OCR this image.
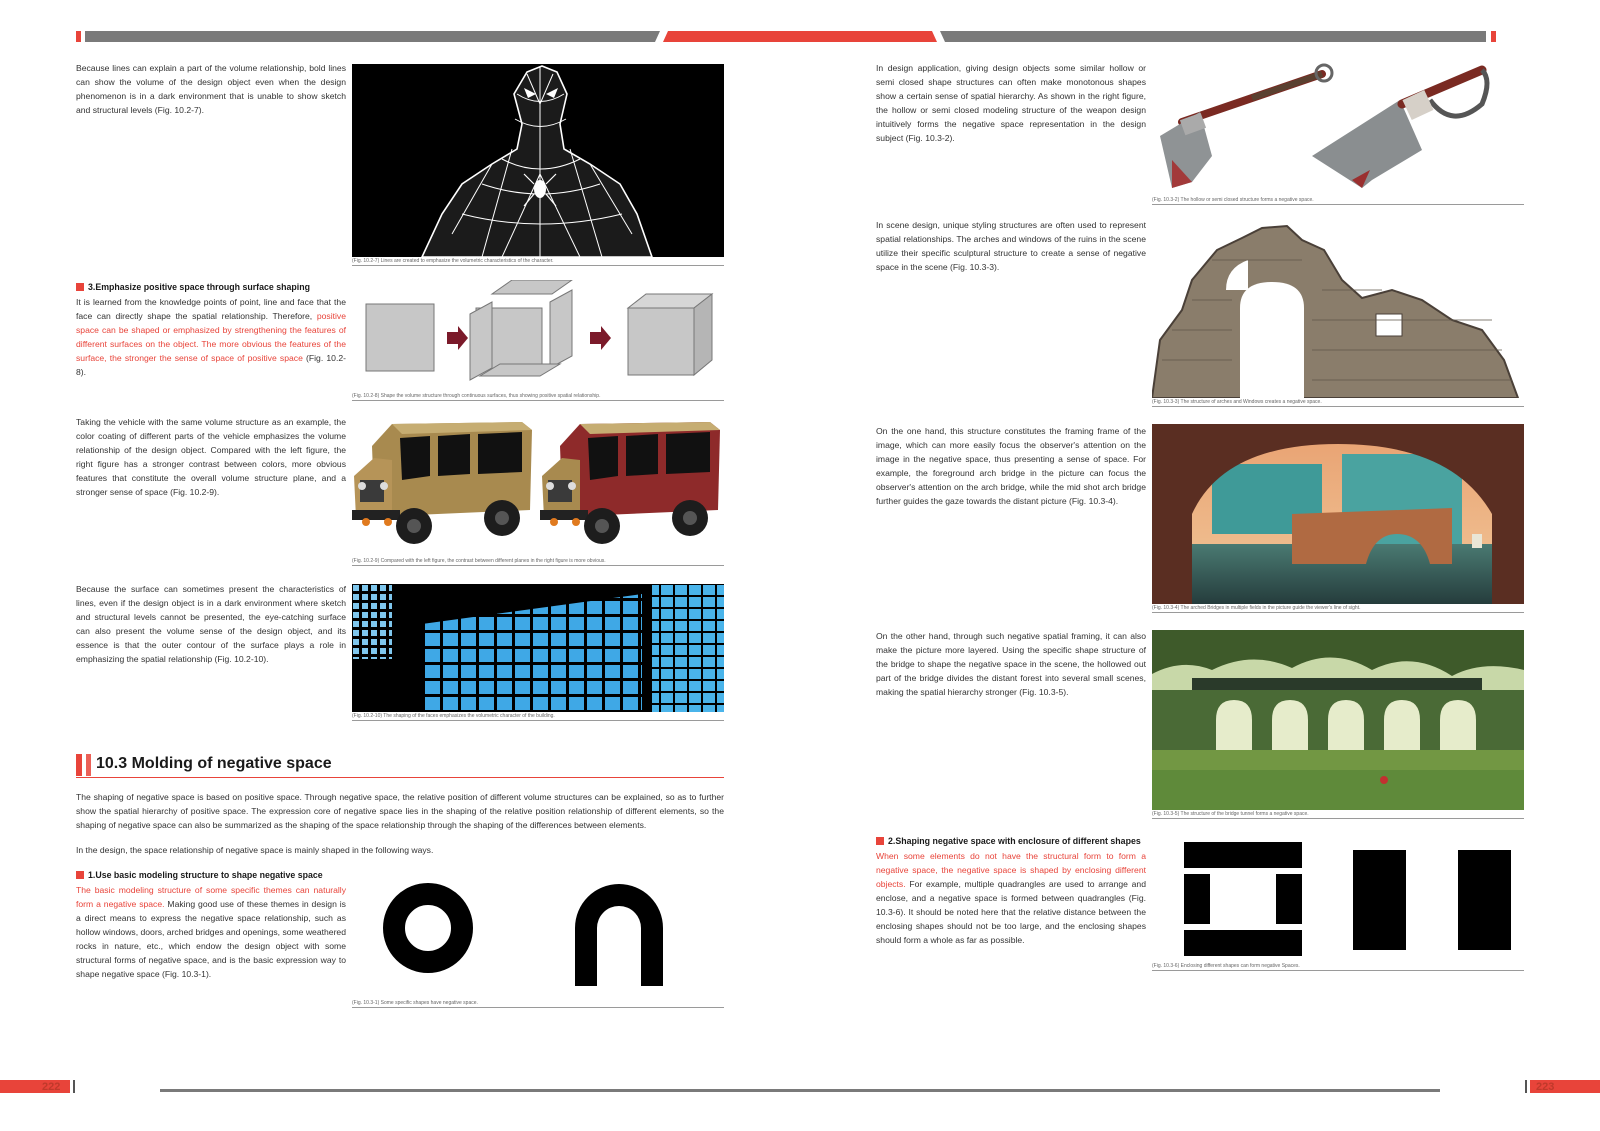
Because lines can explain a part of the volume relationship, bold lines can show the volume of the design object even when the design phenomenon is in a dark environment that is unable to show sketch and structural levels (Fig. 10.2-7).
(Fig. 10.2-7) Lines are created to emphasize the volumetric characteristics of the character.
3.Emphasize positive space through surface shaping
It is learned from the knowledge points of point, line and face that the face can directly shape the spatial relationship. Therefore, positive space can be shaped or emphasized by strengthening the features of different surfaces on the object. The more obvious the features of the surface, the stronger the sense of space of positive space (Fig. 10.2-8).
(Fig. 10.2-8) Shape the volume structure through continuous surfaces, thus showing positive spatial relationship.
Taking the vehicle with the same volume structure as an example, the color coating of different parts of the vehicle emphasizes the volume relationship of the design object. Compared with the left figure, the right figure has a stronger contrast between colors, more obvious features that constitute the overall volume structure plane, and a stronger sense of space (Fig. 10.2-9).
(Fig. 10.2-9) Compared with the left figure, the contrast between different planes in the right figure is more obvious.
Because the surface can sometimes present the characteristics of lines, even if the design object is in a dark environment where sketch and structural levels cannot be presented, the eye-catching surface can also present the volume sense of the design object, and its essence is that the outer contour of the surface plays a role in emphasizing the spatial relationship (Fig. 10.2-10).
(Fig. 10.2-10) The shaping of the faces emphasizes the volumetric character of the building.
10.3 Molding of negative space
The shaping of negative space is based on positive space. Through negative space, the relative position of different volume structures can be explained, so as to further show the spatial hierarchy of positive space. The expression core of negative space lies in the shaping of the relative position relationship of different elements, so the shaping of negative space can also be summarized as the shaping of the space relationship through the shaping of the differences between elements.
In the design, the space relationship of negative space is mainly shaped in the following ways.
1.Use basic modeling structure to shape negative space
The basic modeling structure of some specific themes can naturally form a negative space. Making good use of these themes in design is a direct means to express the negative space relationship, such as hollow windows, doors, arched bridges and openings, some weathered rocks in nature, etc., which endow the design object with some structural forms of negative space, and is the basic expression way to shape negative space (Fig. 10.3-1).
(Fig. 10.3-1) Some specific shapes have negative space.
In design application, giving design objects some similar hollow or semi closed shape structures can often make monotonous shapes show a certain sense of spatial hierarchy. As shown in the right figure, the hollow or semi closed modeling structure of the weapon design intuitively forms the negative space representation in the design subject (Fig. 10.3-2).
(Fig. 10.3-2) The hollow or semi closed structure forms a negative space.
In scene design, unique styling structures are often used to represent spatial relationships. The arches and windows of the ruins in the scene utilize their specific sculptural structure to create a sense of negative space in the scene (Fig. 10.3-3).
(Fig. 10.3-3) The structure of arches and Windows creates a negative space.
On the one hand, this structure constitutes the framing frame of the image, which can more easily focus the observer's attention on the image in the negative space, thus presenting a sense of space. For example, the foreground arch bridge in the picture can focus the observer's attention on the arch bridge, while the mid shot arch bridge further guides the gaze towards the distant picture (Fig. 10.3-4).
(Fig. 10.3-4) The arched Bridges in multiple fields in the picture guide the viewer's line of sight.
On the other hand, through such negative spatial framing, it can also make the picture more layered. Using the specific shape structure of the bridge to shape the negative space in the scene, the hollowed out part of the bridge divides the distant forest into several small scenes, making the spatial hierarchy stronger (Fig. 10.3-5).
(Fig. 10.3-5) The structure of the bridge tunnel forms a negative space.
2.Shaping negative space with enclosure of different shapes
When some elements do not have the structural form to form a negative space, the negative space is shaped by enclosing different objects. For example, multiple quadrangles are used to arrange and enclose, and a negative space is formed between quadrangles (Fig. 10.3-6). It should be noted here that the relative distance between the enclosing shapes should not be too large, and the enclosing shapes should form a whole as far as possible.
(Fig. 10.3-6) Enclosing different shapes can form negative Spaces.
222	223
